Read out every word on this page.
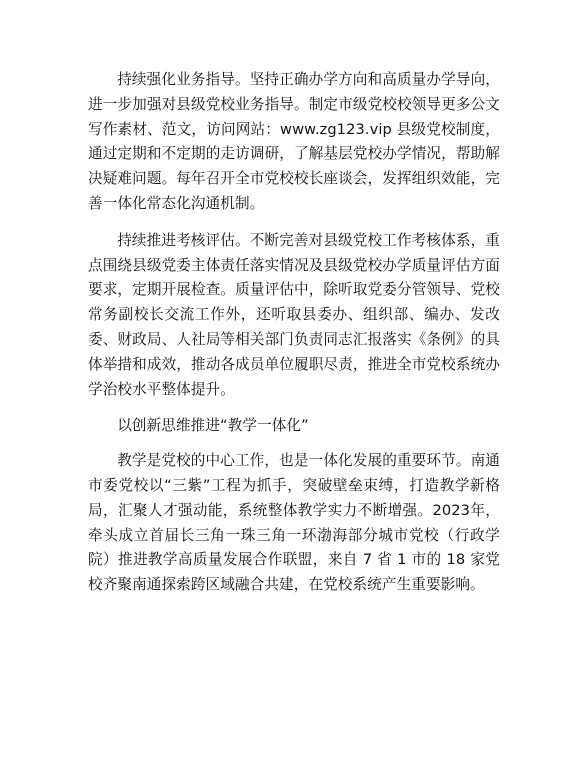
持续强化业务指导。坚持正确办学方向和高质量办学导向，进一步加强对县级党校业务指导。制定市级党校校领导更多公文写作素材、范文，访问网站：www.zg123.vip 县级党校制度，通过定期和不定期的走访调研，了解基层党校办学情况，帮助解决疑难问题。每年召开全市党校校长座谈会，发挥组织效能，完善一体化常态化沟通机制。

持续推进考核评估。不断完善对县级党校工作考核体系，重点围绕县级党委主体责任落实情况及县级党校办学质量评估方面要求，定期开展检查。质量评估中，除听取党委分管领导、党校常务副校长交流工作外，还听取县委办、组织部、编办、发改委、财政局、人社局等相关部门负责同志汇报落实《条例》的具体举措和成效，推动各成员单位履职尽责，推进全市党校系统办学治校水平整体提升。

以创新思维推进“教学一体化”

教学是党校的中心工作，也是一体化发展的重要环节。南通市委党校以“三紫”工程为抓手，突破壁垒束缚，打造教学新格局，汇聚人才强动能，系统整体教学实力不断增强。2023年，牵头成立首届长三角一珠三角一环渤海部分城市党校（行政学院）推进教学高质量发展合作联盟，来自 7 省 1 市的 18 家党校齐聚南通探索跨区域融合共建，在党校系统产生重要影响。
